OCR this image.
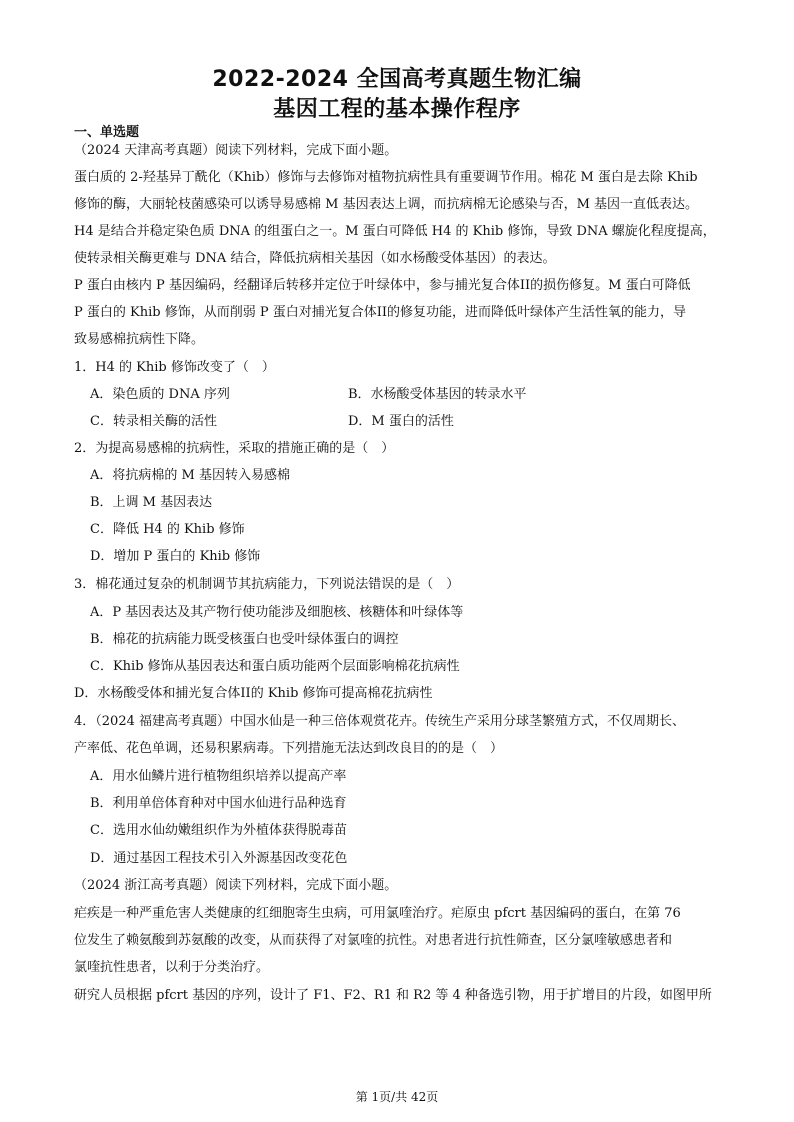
2022-2024 全国高考真题生物汇编
基因工程的基本操作程序
一、单选题
（2024 天津高考真题）阅读下列材料，完成下面小题。
蛋白质的 2-羟基异丁酰化（Khib）修饰与去修饰对植物抗病性具有重要调节作用。棉花 M 蛋白是去除 Khib
修饰的酶，大丽轮枝菌感染可以诱导易感棉 M 基因表达上调，而抗病棉无论感染与否，M 基因一直低表达。
H4 是结合并稳定染色质 DNA 的组蛋白之一。M 蛋白可降低 H4 的 Khib 修饰，导致 DNA 螺旋化程度提高，
使转录相关酶更难与 DNA 结合，降低抗病相关基因（如水杨酸受体基因）的表达。
P 蛋白由核内 P 基因编码，经翻译后转移并定位于叶绿体中，参与捕光复合体II的损伤修复。M 蛋白可降低
P 蛋白的 Khib 修饰，从而削弱 P 蛋白对捕光复合体II的修复功能，进而降低叶绿体产生活性氧的能力，导
致易感棉抗病性下降。
1．H4 的 Khib 修饰改变了（　）
A．染色质的 DNA 序列	B．水杨酸受体基因的转录水平
C．转录相关酶的活性	D．M 蛋白的活性
2．为提高易感棉的抗病性，采取的措施正确的是（　）
A．将抗病棉的 M 基因转入易感棉
B．上调 M 基因表达
C．降低 H4 的 Khib 修饰
D．增加 P 蛋白的 Khib 修饰
3．棉花通过复杂的机制调节其抗病能力，下列说法错误的是（　）
A．P 基因表达及其产物行使功能涉及细胞核、核糖体和叶绿体等
B．棉花的抗病能力既受核蛋白也受叶绿体蛋白的调控
C．Khib 修饰从基因表达和蛋白质功能两个层面影响棉花抗病性
D．水杨酸受体和捕光复合体II的 Khib 修饰可提高棉花抗病性
4．（2024 福建高考真题）中国水仙是一种三倍体观赏花卉。传统生产采用分球茎繁殖方式，不仅周期长、
产率低、花色单调，还易积累病毒。下列措施无法达到改良目的的是（　）
A．用水仙鳞片进行植物组织培养以提高产率
B．利用单倍体育种对中国水仙进行品种选育
C．选用水仙幼嫩组织作为外植体获得脱毒苗
D．通过基因工程技术引入外源基因改变花色
（2024 浙江高考真题）阅读下列材料，完成下面小题。
疟疾是一种严重危害人类健康的红细胞寄生虫病，可用氯喹治疗。疟原虫 pfcrt 基因编码的蛋白，在第 76
位发生了赖氨酸到苏氨酸的改变，从而获得了对氯喹的抗性。对患者进行抗性筛查，区分氯喹敏感患者和
氯喹抗性患者，以利于分类治疗。
研究人员根据 pfcrt 基因的序列，设计了 F1、F2、R1 和 R2 等 4 种备选引物，用于扩增目的片段，如图甲所
第 1页/共 42页
